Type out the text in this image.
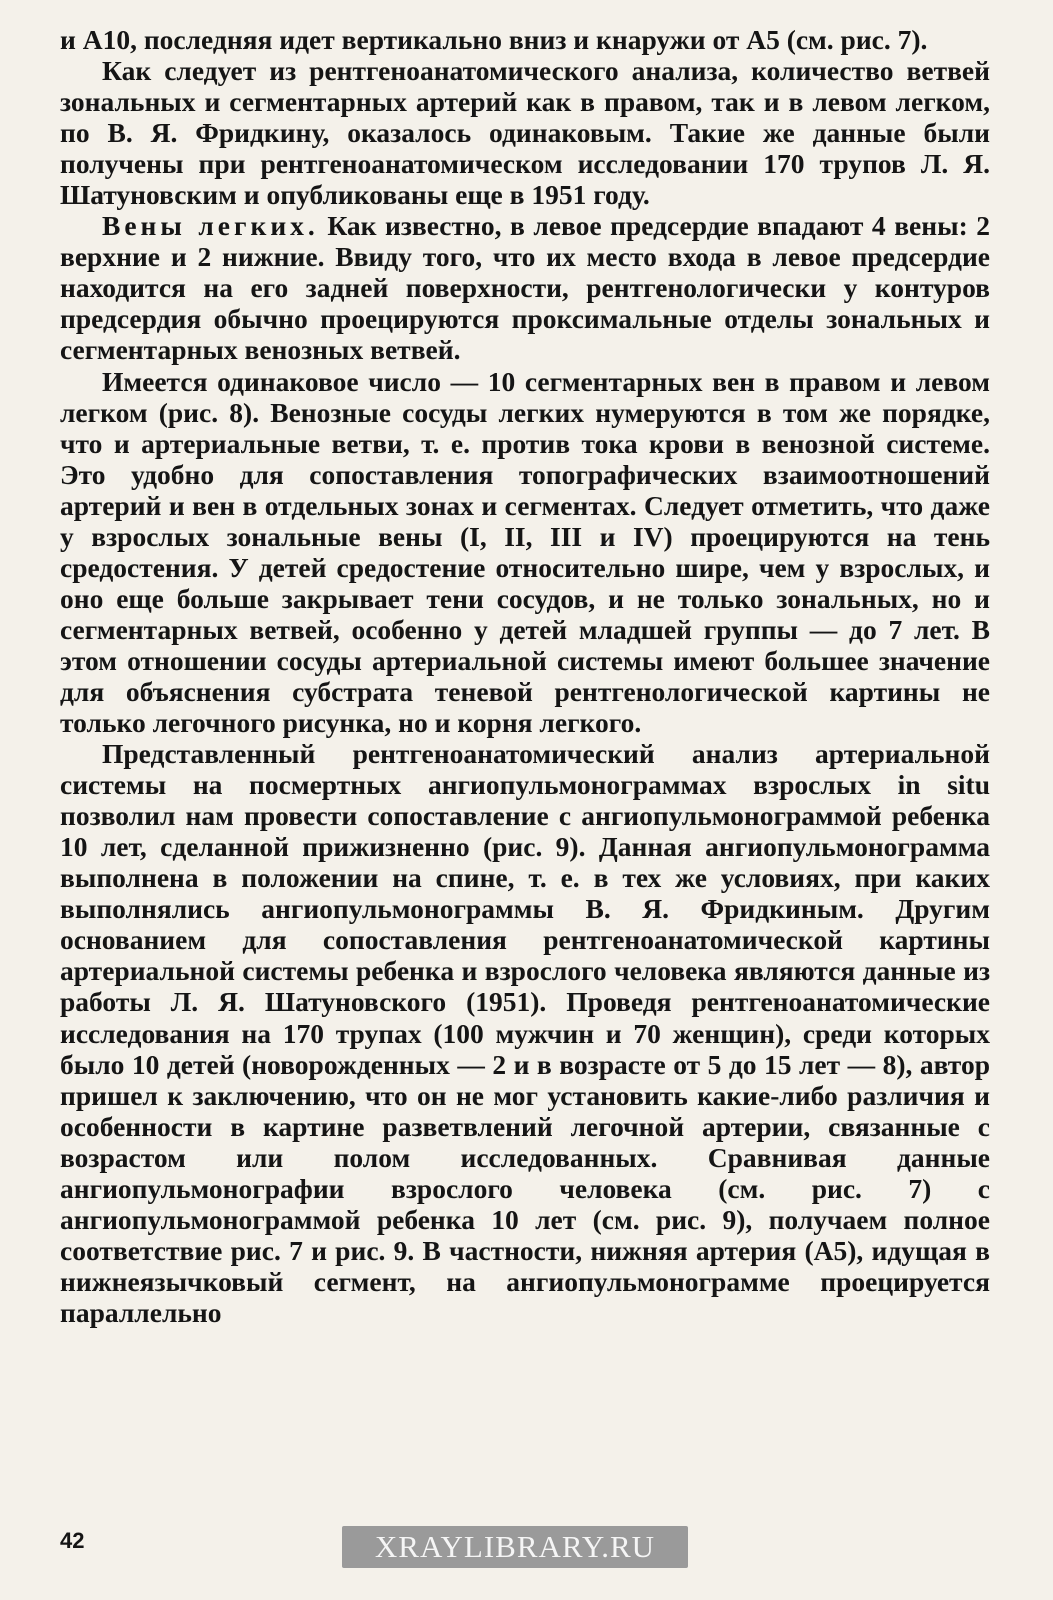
и А10, последняя идет вертикально вниз и кнаружи от А5 (см. рис. 7).

Как следует из рентгеноанатомического анализа, количество ветвей зональных и сегментарных артерий как в правом, так и в левом легком, по В. Я. Фридкину, оказалось одинаковым. Такие же данные были получены при рентгеноанатомическом исследовании 170 трупов Л. Я. Шатуновским и опубликованы еще в 1951 году.

Вены легких. Как известно, в левое предсердие впадают 4 вены: 2 верхние и 2 нижние. Ввиду того, что их место входа в левое предсердие находится на его задней поверхности, рентгенологически у контуров предсердия обычно проецируются проксимальные отделы зональных и сегментарных венозных ветвей.

Имеется одинаковое число — 10 сегментарных вен в правом и левом легком (рис. 8). Венозные сосуды легких нумеруются в том же порядке, что и артериальные ветви, т. е. против тока крови в венозной системе. Это удобно для сопоставления топографических взаимоотношений артерий и вен в отдельных зонах и сегментах. Следует отметить, что даже у взрослых зональные вены (I, II, III и IV) проецируются на тень средостения. У детей средостение относительно шире, чем у взрослых, и оно еще больше закрывает тени сосудов, и не только зональных, но и сегментарных ветвей, особенно у детей младшей группы — до 7 лет. В этом отношении сосуды артериальной системы имеют большее значение для объяснения субстрата теневой рентгенологической картины не только легочного рисунка, но и корня легкого.

Представленный рентгеноанатомический анализ артериальной системы на посмертных ангиопульмонограммах взрослых in situ позволил нам провести сопоставление с ангиопульмонограммой ребенка 10 лет, сделанной прижизненно (рис. 9). Данная ангиопульмонограмма выполнена в положении на спине, т. е. в тех же условиях, при каких выполнялись ангиопульмонограммы В. Я. Фридкиным. Другим основанием для сопоставления рентгеноанатомической картины артериальной системы ребенка и взрослого человека являются данные из работы Л. Я. Шатуновского (1951). Проведя рентгеноанатомические исследования на 170 трупах (100 мужчин и 70 женщин), среди которых было 10 детей (новорожденных — 2 и в возрасте от 5 до 15 лет — 8), автор пришел к заключению, что он не мог установить какие-либо различия и особенности в картине разветвлений легочной артерии, связанные с возрастом или полом исследованных. Сравнивая данные ангиопульмонографии взрослого человека (см. рис. 7) с ангиопульмонограммой ребенка 10 лет (см. рис. 9), получаем полное соответствие рис. 7 и рис. 9. В частности, нижняя артерия (А5), идущая в нижнеязычковый сегмент, на ангиопульмонограмме проецируется параллельно

42	XRAYLIBRARY.RU
